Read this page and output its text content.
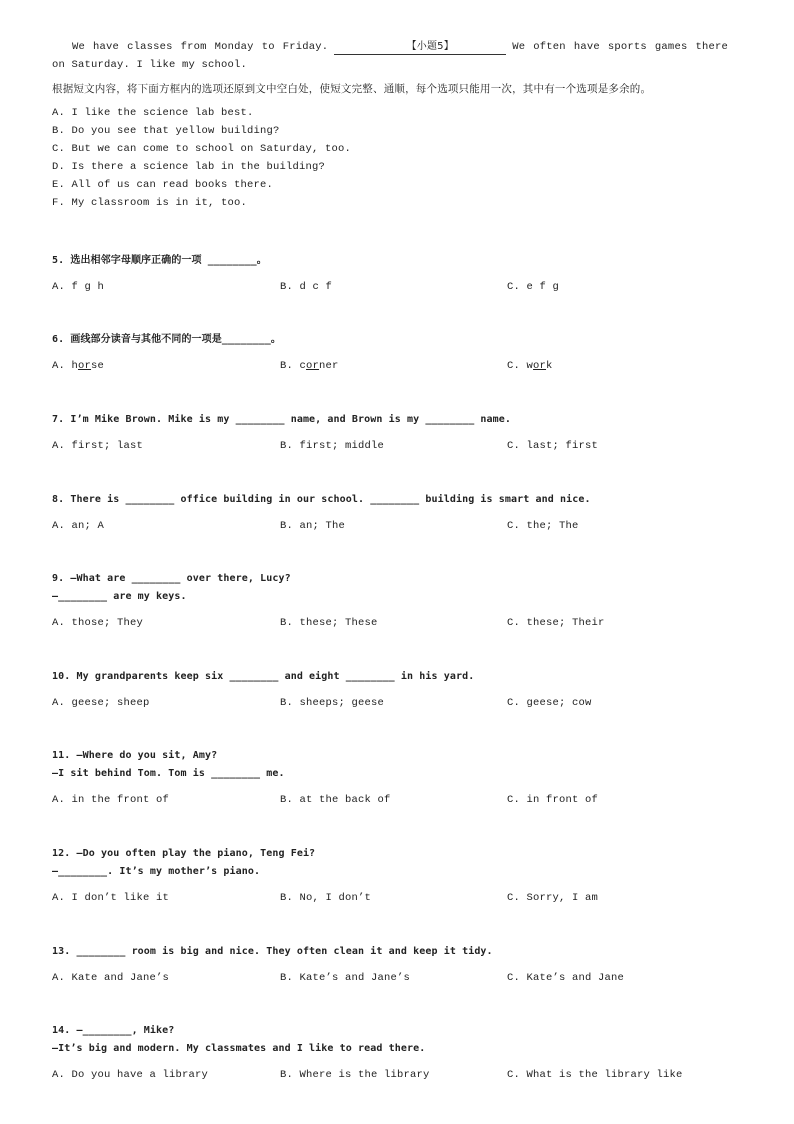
We have classes from Monday to Friday.	【小题5】	We often have sports games there on Saturday. I like my school.
根据短文内容，将下面方框内的选项还原到文中空白处，使短文完整、通顺，每个选项只能用一次，其中有一个选项是多余的。
A. I like the science lab best.
B. Do you see that yellow building?
C. But we can come to school on Saturday, too.
D. Is there a science lab in the building?
E. All of us can read books there.
F. My classroom is in it, too.
5. 选出相邻字母顺序正确的一项 ________。
A. f g h	B. d c f	C. e f g
6. 画线部分读音与其他不同的一项是________。
A. horse	B. corner	C. work
7. I’m Mike Brown. Mike is my ________ name, and Brown is my ________ name.
A. first; last	B. first; middle	C. last; first
8. There is ________ office building in our school. ________ building is smart and nice.
A. an; A	B. an; The	C. the; The
9. —What are ________ over there, Lucy?
—________ are my keys.
A. those; They	B. these; These	C. these; Their
10. My grandparents keep six ________ and eight ________ in his yard.
A. geese; sheep	B. sheeps; geese	C. geese; cow
11. —Where do you sit, Amy?
—I sit behind Tom. Tom is ________ me.
A. in the front of	B. at the back of	C. in front of
12. —Do you often play the piano, Teng Fei?
—________. It’s my mother’s piano.
A. I don’t like it	B. No, I don’t	C. Sorry, I am
13. ________ room is big and nice. They often clean it and keep it tidy.
A. Kate and Jane’s	B. Kate’s and Jane’s	C. Kate’s and Jane
14. —________, Mike?
—It’s big and modern. My classmates and I like to read there.
A. Do you have a library	B. Where is the library	C. What is the library like
